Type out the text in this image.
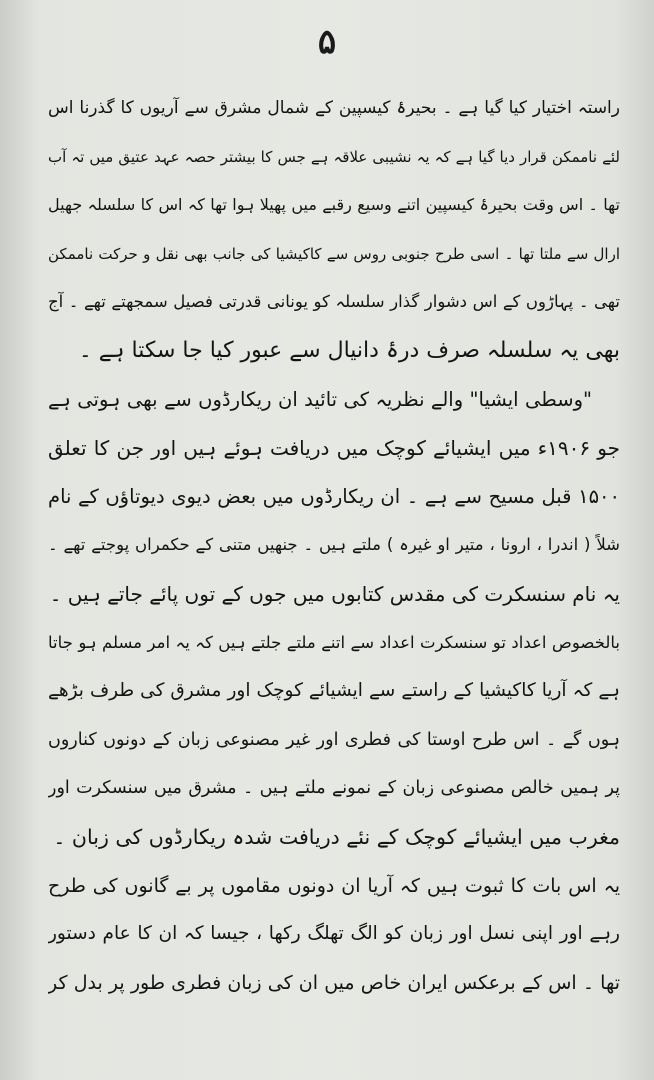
۵
راستہ اختیار کیا گیا ہے ۔ بحیرۂ کیسپین کے شمال مشرق سے آریوں کا گذرنا اس
لئے ناممکن قرار دیا گیا ہے کہ یہ نشیبی علاقہ ہے جس کا بیشتر حصہ عہد عتیق میں تہ آب
تھا ۔ اس وقت بحیرۂ کیسپین اتنے وسیع رقبے میں پھیلا ہوا تھا کہ اس کا سلسلہ جھیل
ارال سے ملتا تھا ۔ اسی طرح جنوبی روس سے کاکیشیا کی جانب بھی نقل و حرکت ناممکن
تھی ۔ پہاڑوں کے اس دشوار گذار سلسلہ کو یونانی قدرتی فصیل سمجھتے تھے ۔ آج
بھی یہ سلسلہ صرف درۂ دانیال سے عبور کیا جا سکتا ہے ۔
"وسطی ایشیا" والے نظریہ کی تائید ان ریکارڈوں سے بھی ہوتی ہے
جو ۱۹۰۶ء میں ایشیائے کوچک میں دریافت ہوئے ہیں اور جن کا تعلق
۱۵۰۰ قبل مسیح سے ہے ۔ ان ریکارڈوں میں بعض دیوی دیوتاؤں کے نام
شلاً ( اندرا ، ارونا ، متیر او غیرہ ) ملتے ہیں ۔ جنھیں متنی کے حکمراں پوجتے تھے ۔
یہ نام سنسکرت کی مقدس کتابوں میں جوں کے توں پائے جاتے ہیں ۔
بالخصوص اعداد تو سنسکرت اعداد سے اتنے ملتے جلتے ہیں کہ یہ امر مسلم ہو جاتا
ہے کہ آریا کاکیشیا کے راستے سے ایشیائے کوچک اور مشرق کی طرف بڑھے
ہوں گے ۔ اس طرح اوستا کی فطری اور غیر مصنوعی زبان کے دونوں کناروں
پر ہمیں خالص مصنوعی زبان کے نمونے ملتے ہیں ۔ مشرق میں سنسکرت اور
مغرب میں ایشیائے کوچک کے نئے دریافت شدہ ریکارڈوں کی زبان ۔
یہ اس بات کا ثبوت ہیں کہ آریا ان دونوں مقاموں پر بے گانوں کی طرح
رہے اور اپنی نسل اور زبان کو الگ تھلگ رکھا ، جیسا کہ ان کا عام دستور
تھا ۔ اس کے برعکس ایران خاص میں ان کی زبان فطری طور پر بدل کر
